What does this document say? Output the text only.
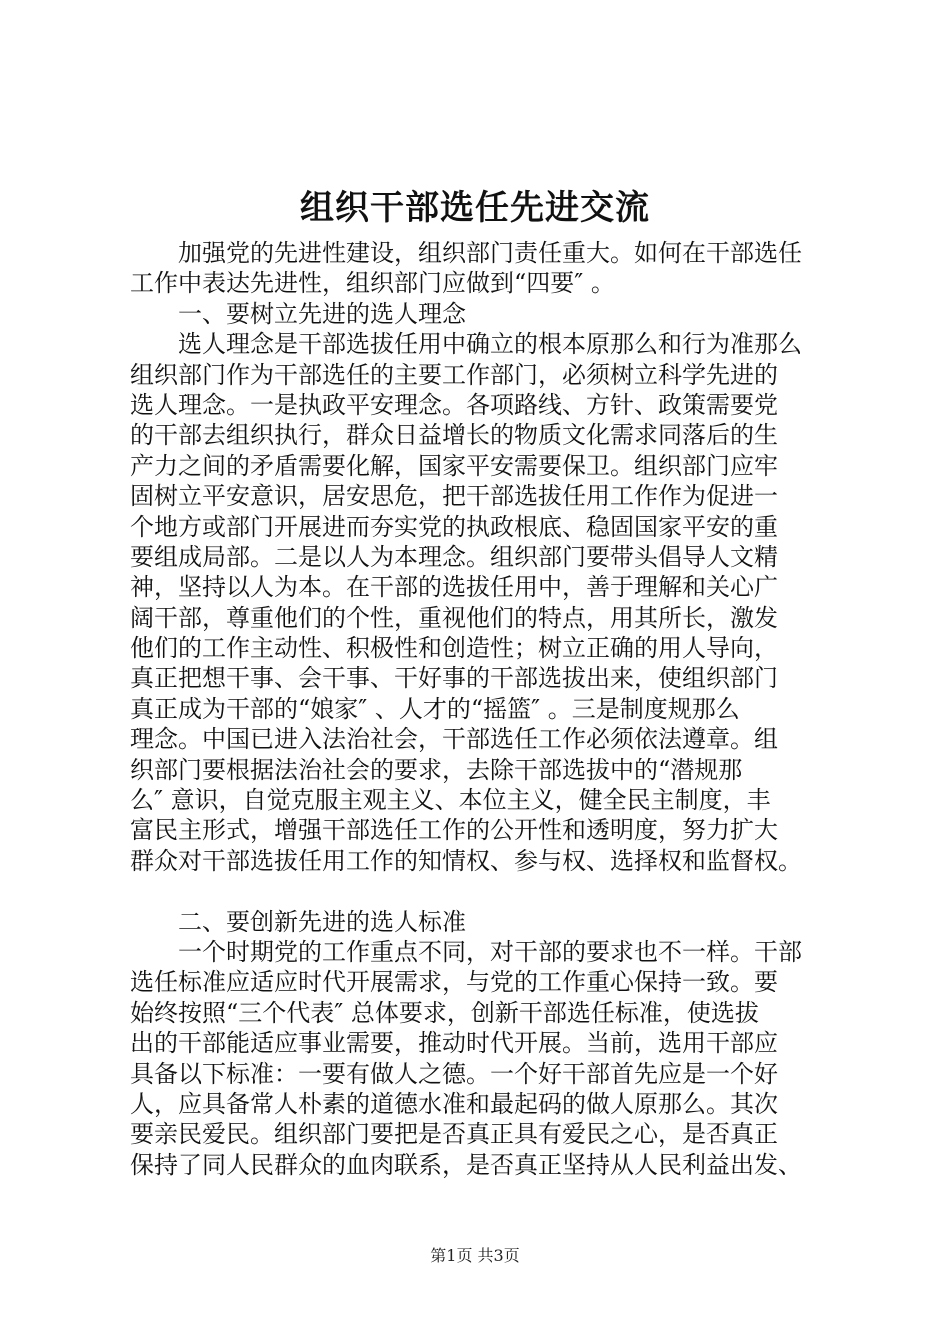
组织干部选任先进交流
加强党的先进性建设，组织部门责任重大。如何在干部选任
工作中表达先进性，组织部门应做到“四要″ 。
一、要树立先进的选人理念
选人理念是干部选拔任用中确立的根本原那么和行为准那么
组织部门作为干部选任的主要工作部门，必须树立科学先进的
选人理念。一是执政平安理念。各项路线、方针、政策需要党
的干部去组织执行，群众日益增长的物质文化需求同落后的生
产力之间的矛盾需要化解，国家平安需要保卫。组织部门应牢
固树立平安意识，居安思危，把干部选拔任用工作作为促进一
个地方或部门开展进而夯实党的执政根底、稳固国家平安的重
要组成局部。二是以人为本理念。组织部门要带头倡导人文精
神，坚持以人为本。在干部的选拔任用中，善于理解和关心广
阔干部，尊重他们的个性，重视他们的特点，用其所长，激发
他们的工作主动性、积极性和创造性；树立正确的用人导向，
真正把想干事、会干事、干好事的干部选拔出来，使组织部门
真正成为干部的“娘家″ 、人才的“摇篮″ 。三是制度规那么
理念。中国已进入法治社会，干部选任工作必须依法遵章。组
织部门要根据法治社会的要求，去除干部选拔中的“潜规那
么″ 意识，自觉克服主观主义、本位主义，健全民主制度，丰
富民主形式，增强干部选任工作的公开性和透明度，努力扩大
群众对干部选拔任用工作的知情权、参与权、选择权和监督权。
二、要创新先进的选人标准
一个时期党的工作重点不同，对干部的要求也不一样。干部
选任标准应适应时代开展需求，与党的工作重心保持一致。要
始终按照“三个代表″ 总体要求，创新干部选任标准，使选拔
出的干部能适应事业需要，推动时代开展。当前，选用干部应
具备以下标准：一要有做人之德。一个好干部首先应是一个好
人，应具备常人朴素的道德水准和最起码的做人原那么。其次
要亲民爱民。组织部门要把是否真正具有爱民之心，是否真正
保持了同人民群众的血肉联系，是否真正坚持从人民利益出发、
第1页 共3页
